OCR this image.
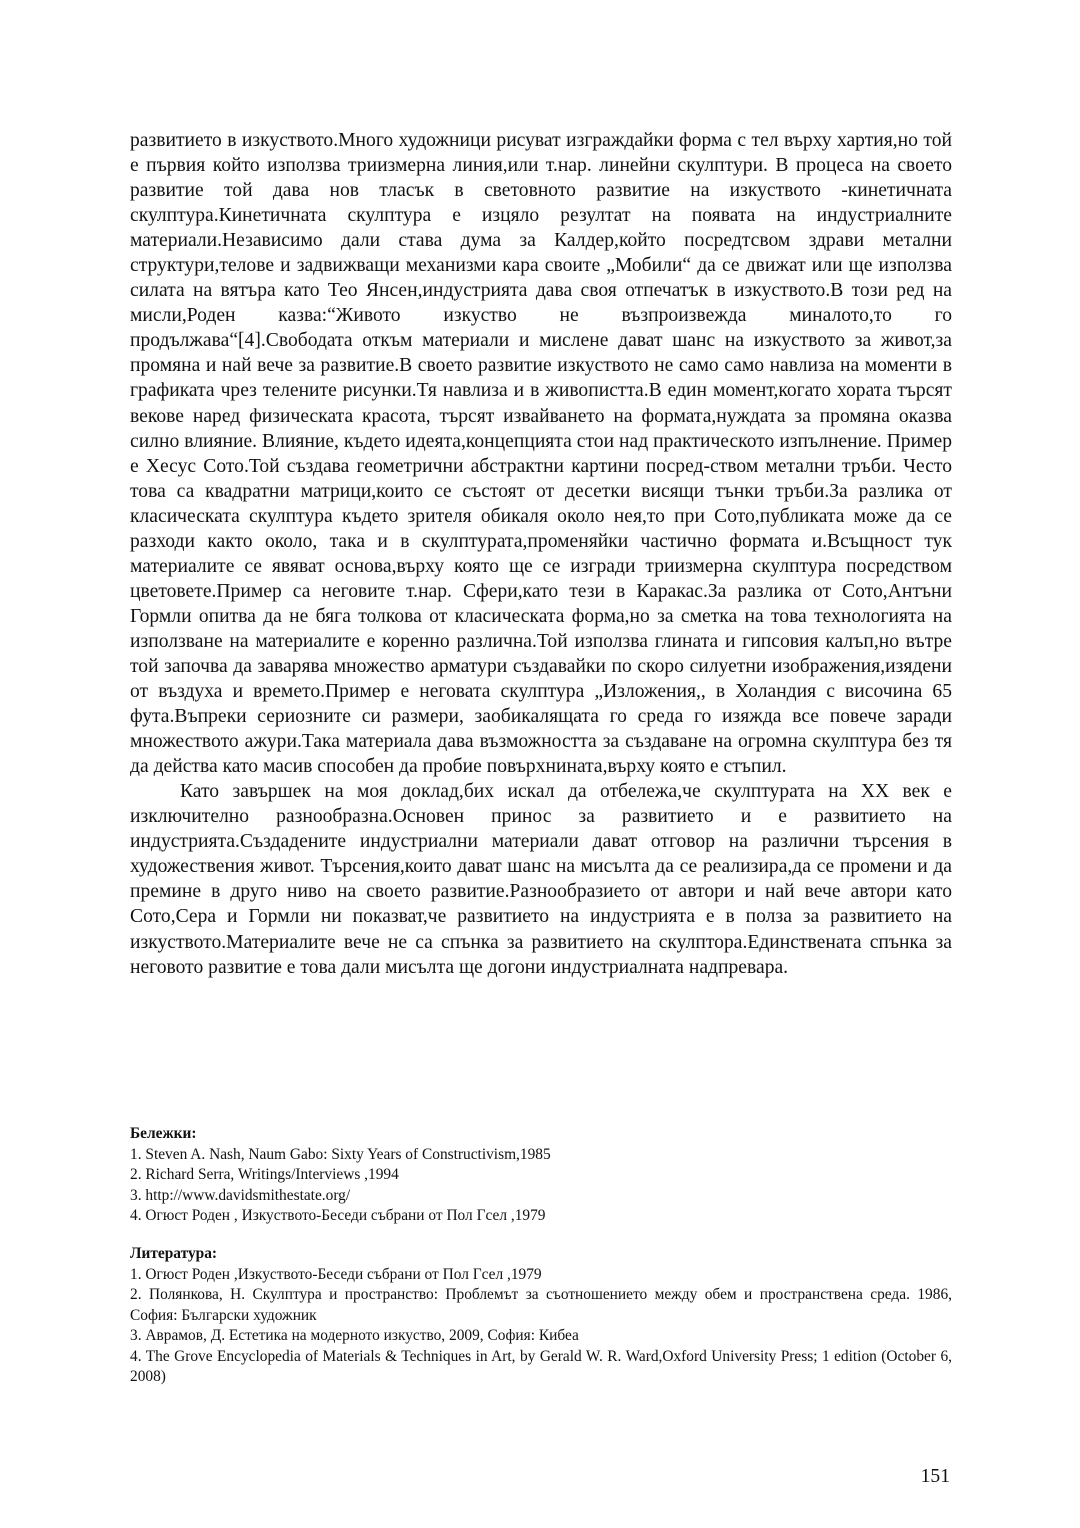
развитието в изкуството.Много художници рисуват изграждайки форма с тел върху хартия,но той е първия който използва триизмерна линия,или т.нар. линейни скулптури. В процеса на своето развитие той дава нов тласък в световното развитие на изкуството -кинетичната скулптура.Кинетичната скулптура е изцяло резултат на появата на индустриалните материали.Независимо дали става дума за Калдер,който посредтсвом здрави метални структури,телове и задвижващи механизми кара своите „Мобили“ да се движат или ще използва силата на вятъра като Тео Янсен,индустрията дава своя отпечатък в изкуството.В този ред на мисли,Роден казва:“Живото изкуство не възпроизвежда миналото,то го продължава“[4].Свободата откъм материали и мислене дават шанс на изкуството за живот,за промяна и най вече за развитие.В своето развитие изкуството не само само навлиза на моменти в графиката чрез телените рисунки.Тя навлиза и в живописттa.В един момент,когато хората търсят векове наред физическата красота, търсят извайването на формата,нуждата за промяна оказва силно влияние. Влияние, където идеята,концепцията стои над практическото изпълнение. Пример е Хесус Сото.Той създава геометрични абстрактни картини посред-ством метални тръби. Често това са квадратни матрици,които се състоят от десетки висящи тънки тръби.За разлика от класическата скулптура където зрителя обикаля около нея,то при Сото,публиката може да се разходи както около, така и в скулптурата,променяйки частично формата и.Всъщност тук материалите се явяват основа,върху която ще се изгради триизмерна скулптура посредством цветовете.Пример са неговите т.нар. Сфери,като тези в Каракас.За разлика от Сото,Антъни Гормли опитва да не бяга толкова от класическата форма,но за сметка на това технологията на използване на материалите е коренно различна.Той използва глината и гипсовия калъп,но вътре той започва да заварява множество арматури създавайки по скоро силуетни изображения,изядени от въздуха и времето.Пример е неговата скулптура „Изложения,, в Холандия с височина 65 фута.Въпреки сериозните си размери, заобикалящата го среда го изяжда все повече заради множеството ажури.Така материала дава възможността за създаване на огромна скулптура без тя да действа като масив способен да пробие повърхнината,върху която е стъпил.

Като завършек на моя доклад,бих искал да отбележа,че скулптурата на XX век е изключително разнообразна.Основен принос за развитието и е развитието на индустрията.Създадените индустриални материали дават отговор на различни търсения в художествения живот. Търсения,които дават шанс на мисълта да се реализира,да се промени и да премине в друго ниво на своето развитие.Разнообразието от автори и най вече автори като Сото,Сера и Гормли ни показват,че развитието на индустрията е в полза за развитието на изкуството.Материалите вече не са спънка за развитието на скулптора.Единствената спънка за неговото развитие е това дали мисълта ще догони индустриалната надпревара.

Бележки:
1. Steven A. Nash, Naum Gabo: Sixty Years of Constructivism,1985
2. Richard Serra, Writings/Interviews ,1994
3. http://www.davidsmithestate.org/
4. Огюст Роден , Изкуството-Беседи събрани от Пол Гсел ,1979
Литература:
1. Огюст Роден ,Изкуството-Беседи събрани от Пол Гсел ,1979
2. Полянкова, Н. Скулптура и пространство: Проблемът за съотношението между обем и пространствена среда. 1986, София: Български художник
3. Аврамов, Д. Естетика на модерното изкуство, 2009, София: Кибеа
4. The Grove Encyclopedia of Materials & Techniques in Art, by Gerald W. R. Ward,Oxford University Press; 1 edition (October 6, 2008)
151
